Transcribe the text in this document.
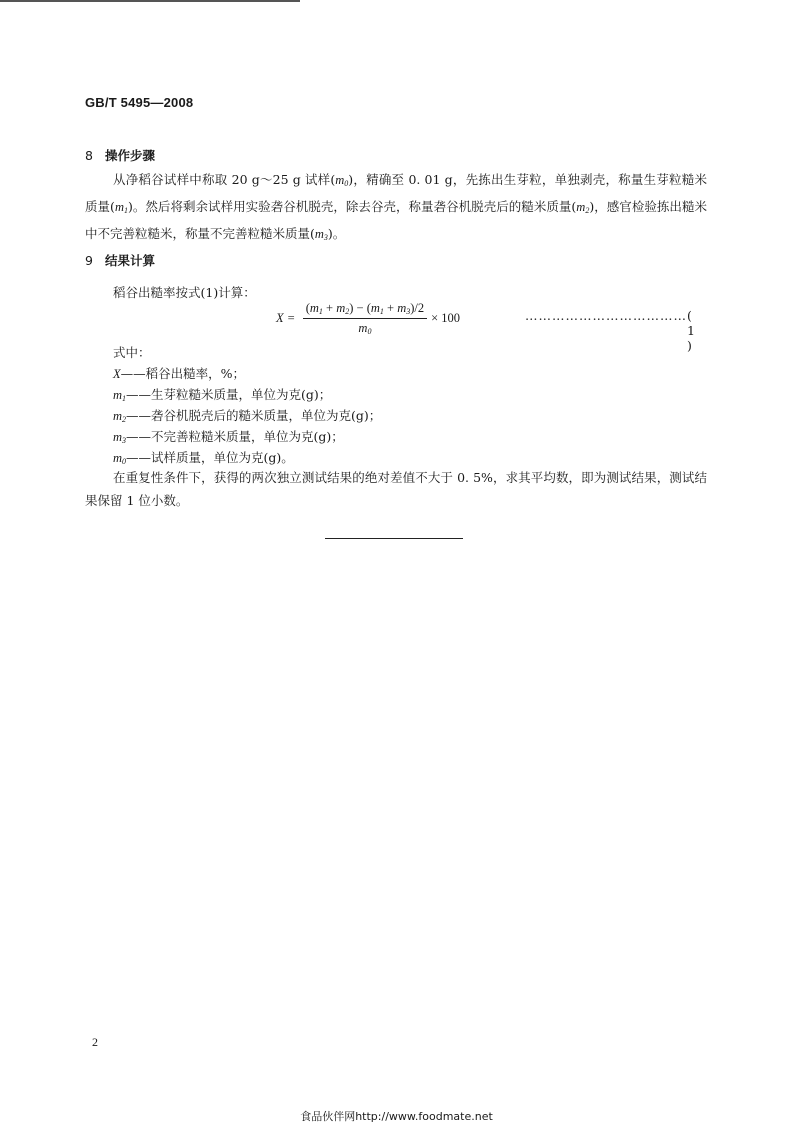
GB/T 5495—2008
8 操作步骤

从净稻谷试样中称取 20 g～25 g 试样$(m_0)$，精确至 0. 01 g，先拣出生芽粒，单独剥壳，称量生芽粒糙米质量$(m_1)$。然后将剩余试样用实验砻谷机脱壳，除去谷壳，称量砻谷机脱壳后的糙米质量$(m_2)$，感官检验拣出糙米中不完善粒糙米，称量不完善粒糙米质量$(m_3)$。

9 结果计算
稻谷出糙率按式(1)计算：
$X = \frac{(m_1 + m_2) - (m_1 + m_3)/2}{m_0} \times 100$	……………………………… ( 1 )
式中：
X——稻谷出糙率，%；
$m_1——$生芽粒糙米质量，单位为克(g)；
$m_2——$砻谷机脱壳后的糙米质量，单位为克(g)；
$m_3——$不完善粒糙米质量，单位为克(g)；
$m_0——$试样质量，单位为克(g)。

在重复性条件下，获得的两次独立测试结果的绝对差值不大于 0. 5%，求其平均数，即为测试结果，测试结果保留 1 位小数。

2
食品伙伴网http://www.foodmate.net
